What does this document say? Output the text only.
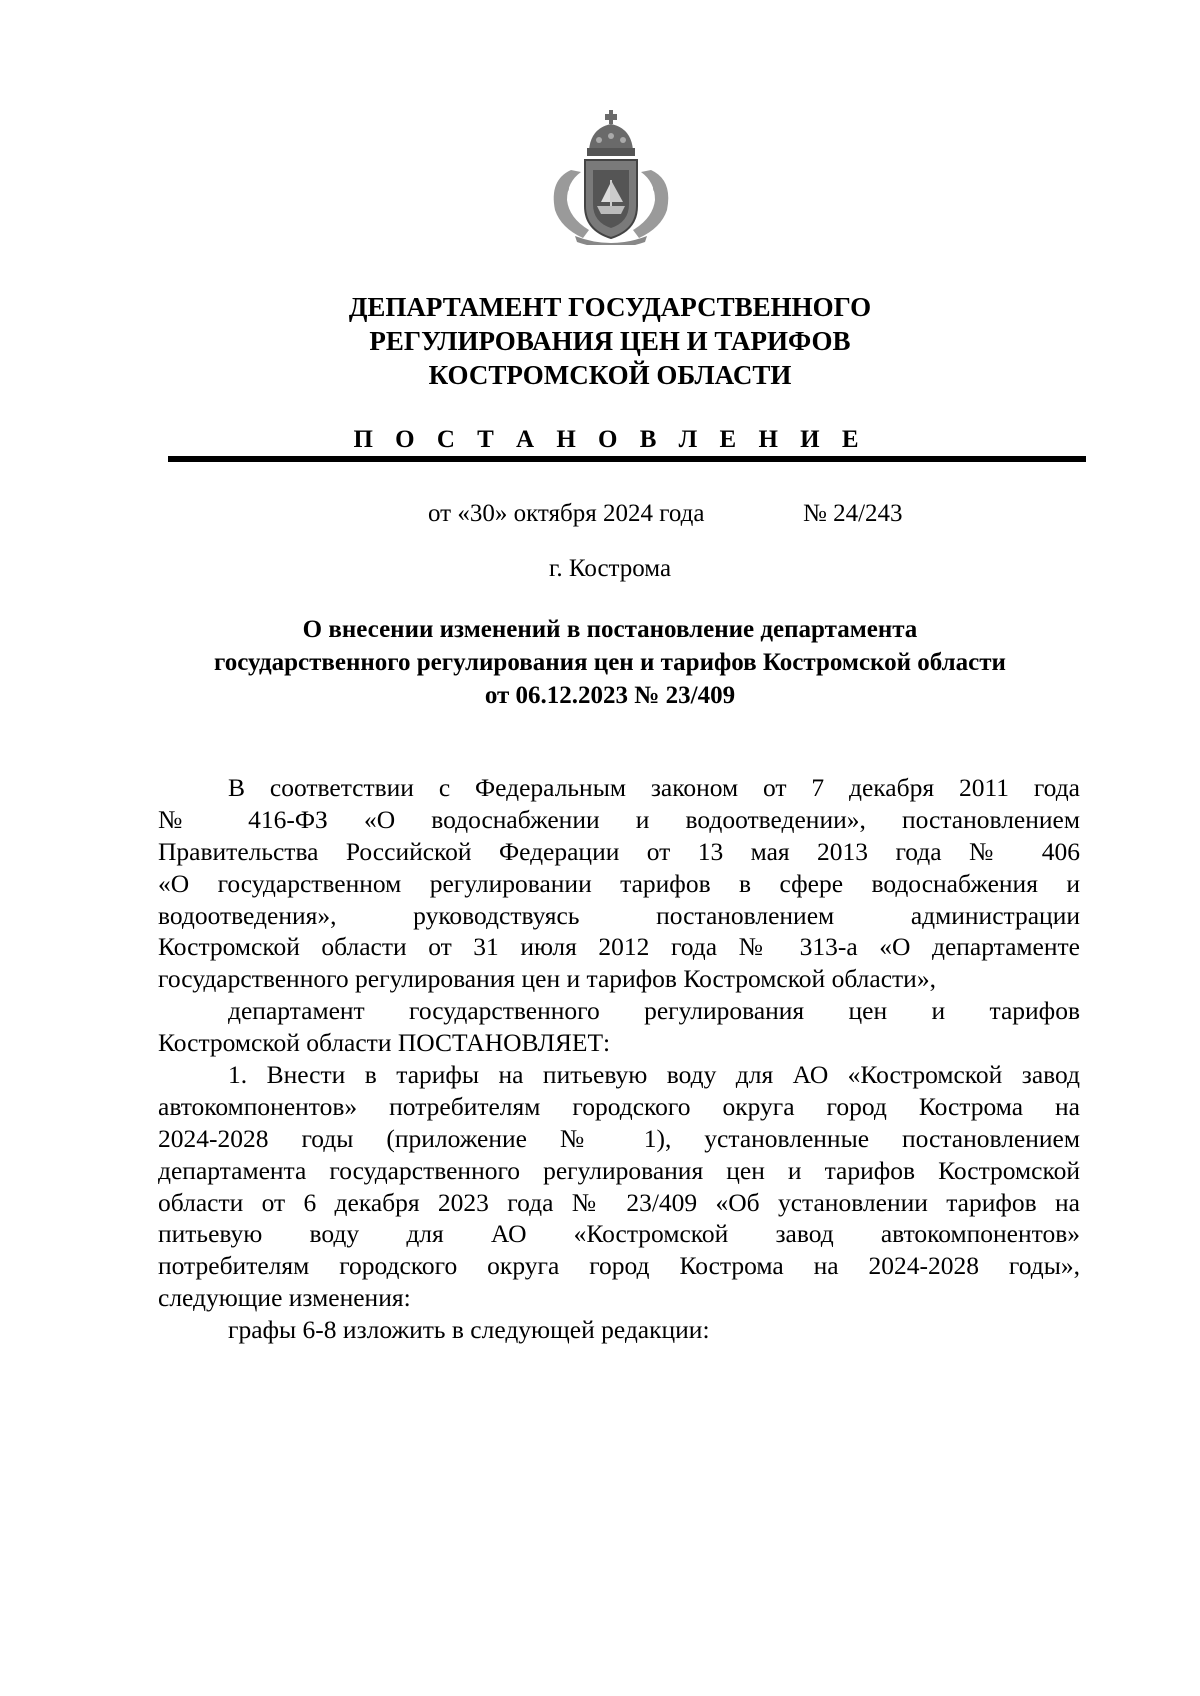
ДЕПАРТАМЕНТ ГОСУДАРСТВЕННОГО
РЕГУЛИРОВАНИЯ ЦЕН И ТАРИФОВ
КОСТРОМСКОЙ ОБЛАСТИ
П О С Т А Н О В Л Е Н И Е
от «30» октября 2024 года	№ 24/243
г. Кострома
О внесении изменений в постановление департамента
государственного регулирования цен и тарифов Костромской области
от 06.12.2023 № 23/409
В соответствии с Федеральным законом от 7 декабря 2011 года
№ 416-ФЗ «О водоснабжении и водоотведении», постановлением
Правительства Российской Федерации от 13 мая 2013 года № 406
«О государственном регулировании тарифов в сфере водоснабжения и
водоотведения», руководствуясь постановлением администрации
Костромской области от 31 июля 2012 года № 313-а «О департаменте
государственного регулирования цен и тарифов Костромской области»,
департамент государственного регулирования цен и тарифов
Костромской области ПОСТАНОВЛЯЕТ:
1. Внести в тарифы на питьевую воду для АО «Костромской завод
автокомпонентов» потребителям городского округа город Кострома на
2024-2028 годы (приложение № 1), установленные постановлением
департамента государственного регулирования цен и тарифов Костромской
области от 6 декабря 2023 года № 23/409 «Об установлении тарифов на
питьевую воду для АО «Костромской завод автокомпонентов»
потребителям городского округа город Кострома на 2024-2028 годы»,
следующие изменения:
графы 6-8 изложить в следующей редакции:
